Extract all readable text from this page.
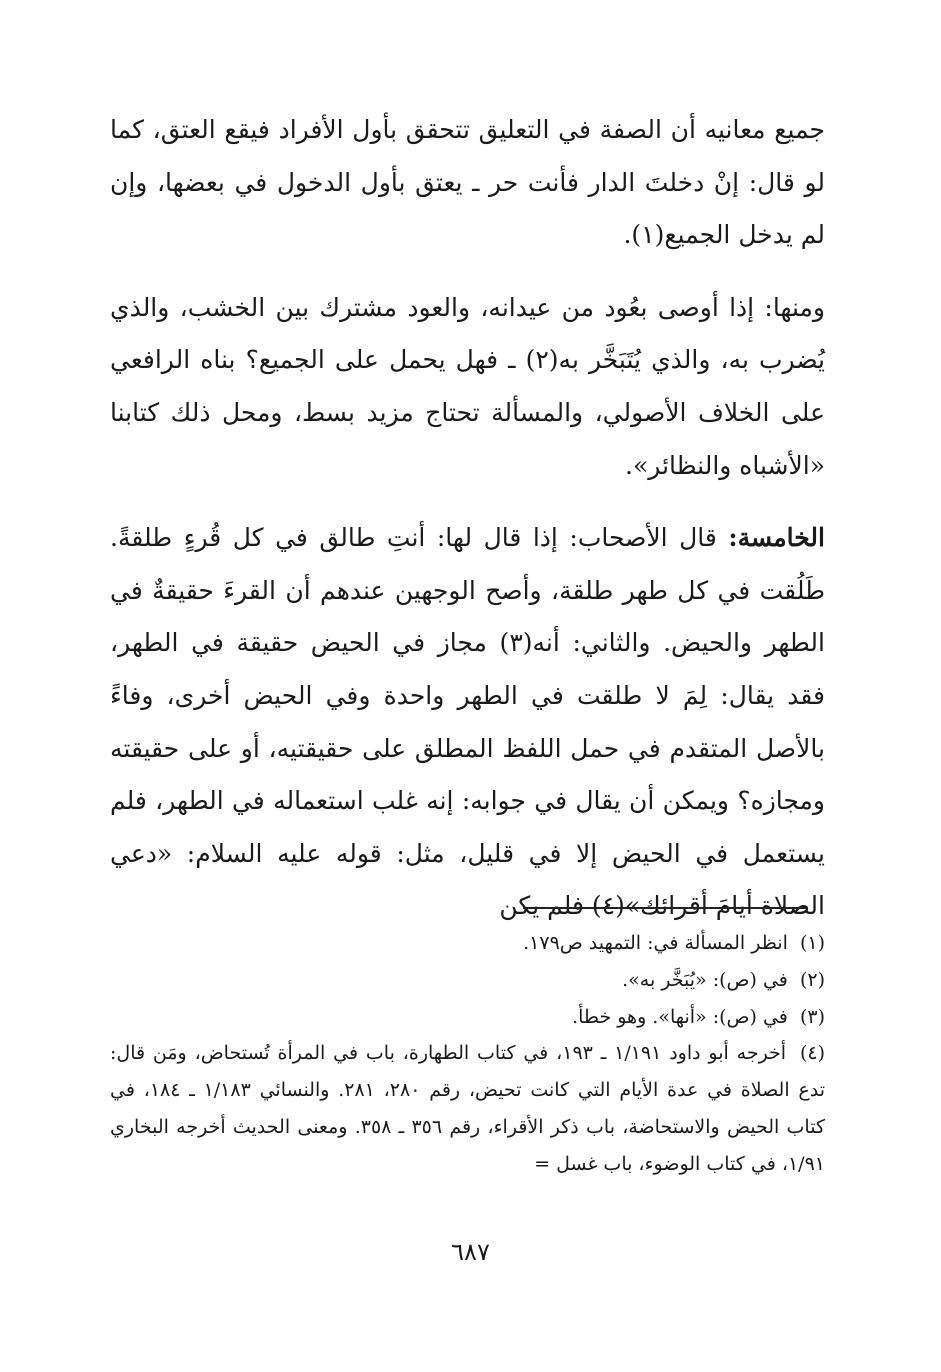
جميع معانيه أن الصفة في التعليق تتحقق بأول الأفراد فيقع العتق، كما لو قال: إنْ دخلتَ الدار فأنت حر ـ يعتق بأول الدخول في بعضها، وإن لم يدخل الجميع(١).

ومنها: إذا أوصى بعُود من عيدانه، والعود مشترك بين الخشب، والذي يُضرب به، والذي يُتَبَخَّر به(٢) ـ فهل يحمل على الجميع؟ بناه الرافعي على الخلاف الأصولي، والمسألة تحتاج مزيد بسط، ومحل ذلك كتابنا «الأشباه والنظائر».

الخامسة: قال الأصحاب: إذا قال لها: أنتِ طالق في كل قُرءٍ طلقةً. طَلُقت في كل طهر طلقة، وأصح الوجهين عندهم أن القرءَ حقيقةٌ في الطهر والحيض. والثاني: أنه(٣) مجاز في الحيض حقيقة في الطهر، فقد يقال: لِمَ لا طلقت في الطهر واحدة وفي الحيض أخرى، وفاءً بالأصل المتقدم في حمل اللفظ المطلق على حقيقتيه، أو على حقيقته ومجازه؟ ويمكن أن يقال في جوابه: إنه غلب استعماله في الطهر، فلم يستعمل في الحيض إلا في قليل، مثل: قوله عليه السلام: «دعي الصلاة أيامَ أقرائك»(٤) فلم يكن

(١) انظر المسألة في: التمهيد ص١٧٩.

(٢) في (ص): «يُبَخَّر به».

(٣) في (ص): «أنها». وهو خطأ.

(٤) أخرجه أبو داود ١/١٩١ ـ ١٩٣، في كتاب الطهارة، باب في المرأة تُستحاض، ومَن قال: تدع الصلاة في عدة الأيام التي كانت تحيض، رقم ٢٨٠، ٢٨١. والنسائي ١/١٨٣ ـ ١٨٤، في كتاب الحيض والاستحاضة، باب ذكر الأقراء، رقم ٣٥٦ ـ ٣٥٨. ومعنى الحديث أخرجه البخاري ١/٩١، في كتاب الوضوء، باب غسل =

٦٨٧
